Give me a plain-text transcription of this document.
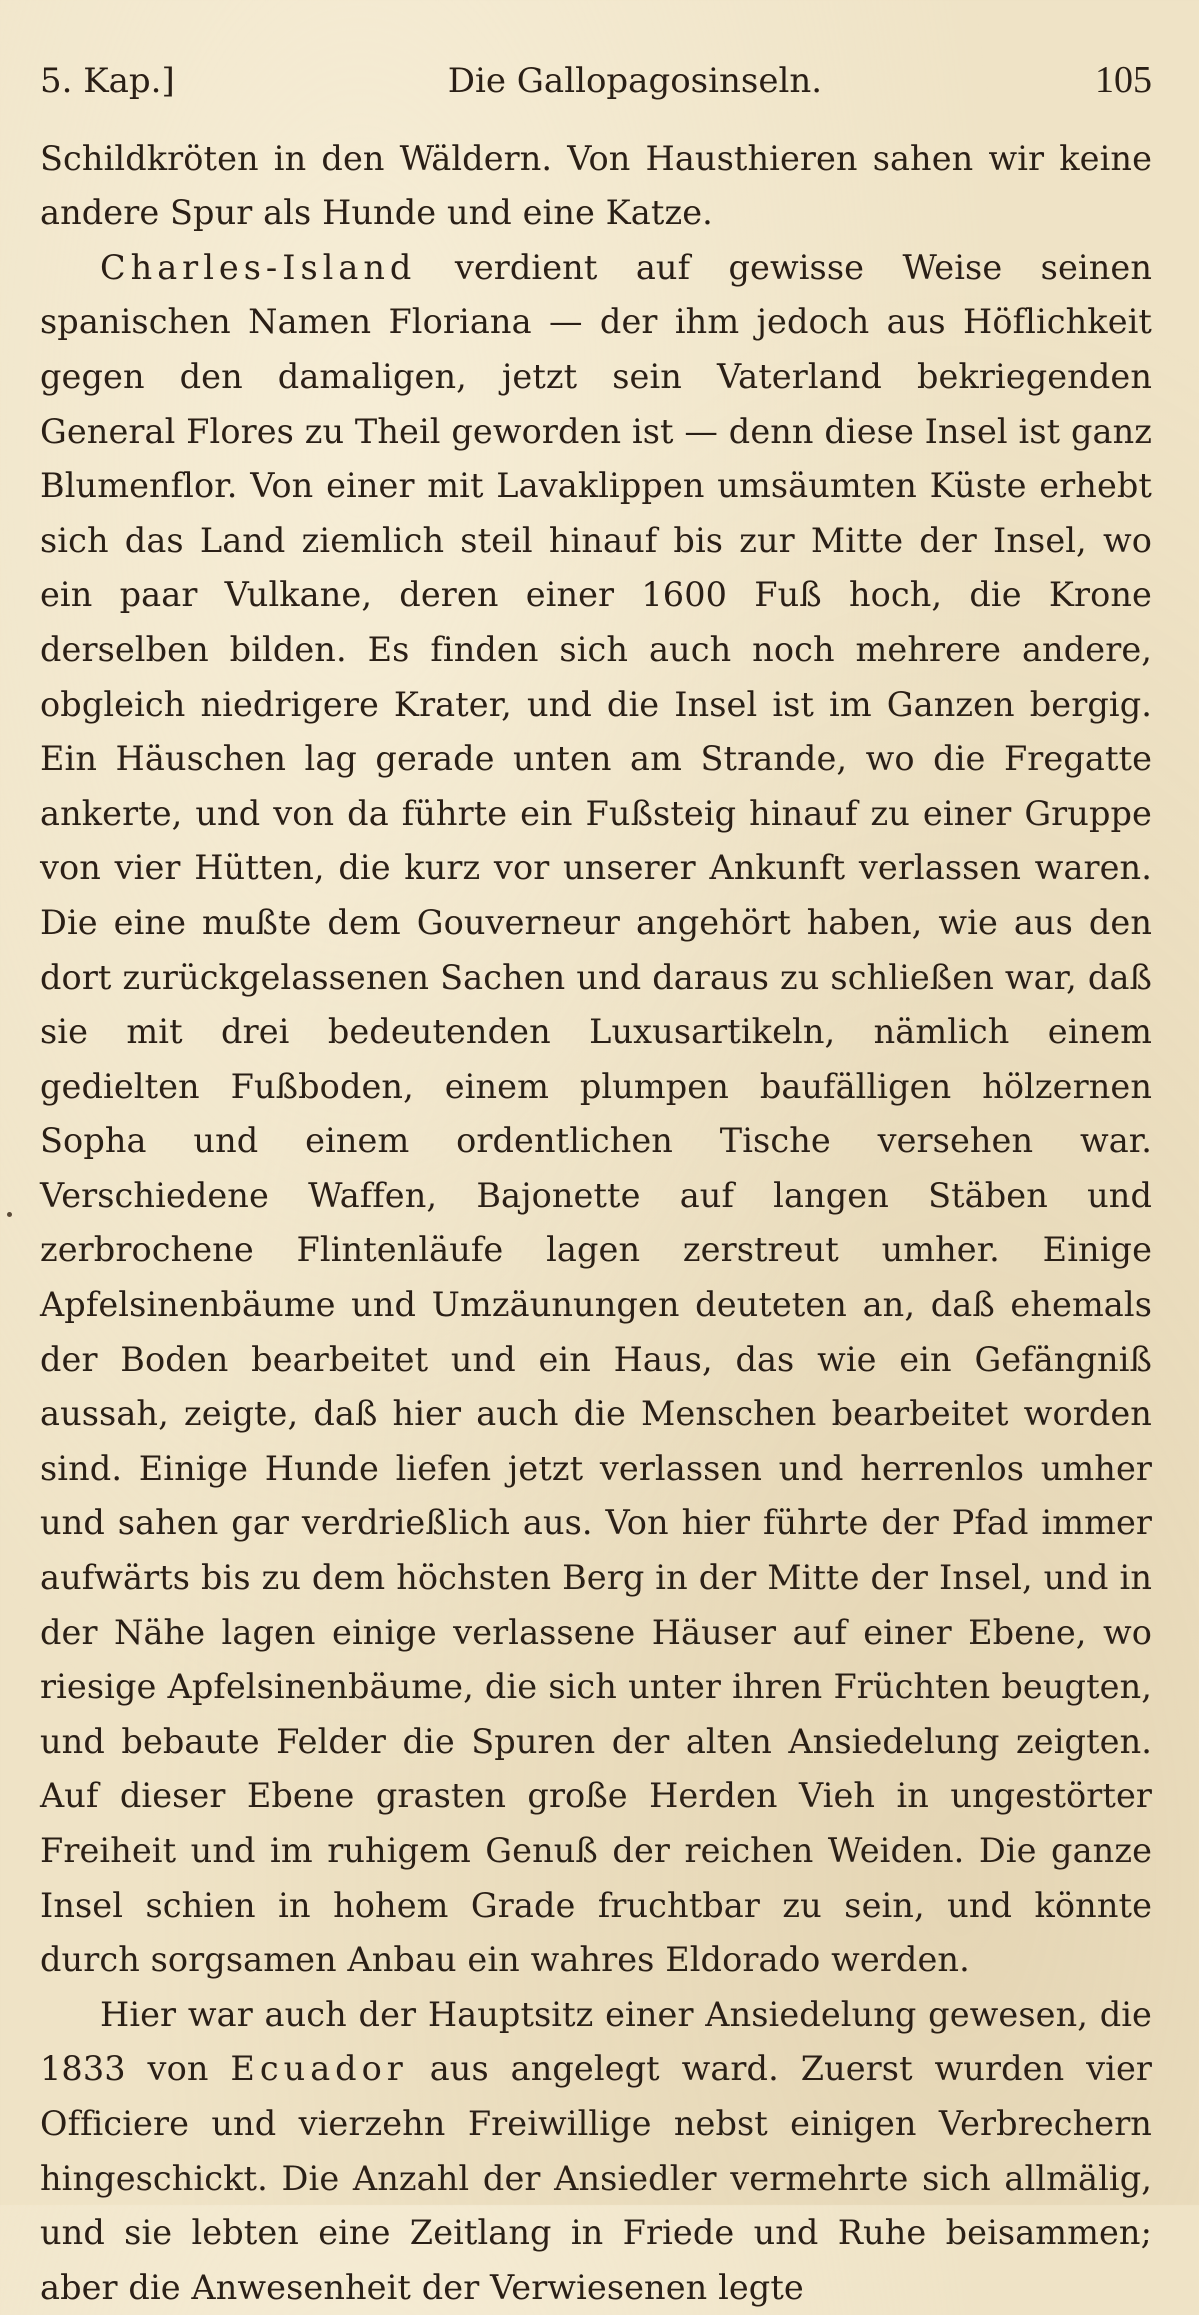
5. Kap.]	Die Gallopagosinseln.	105

Schildkröten in den Wäldern. Von Hausthieren sahen wir keine andere Spur als Hunde und eine Katze.

Charles-Island verdient auf gewisse Weise seinen spanischen Namen Floriana — der ihm jedoch aus Höflichkeit gegen den damaligen, jetzt sein Vaterland bekriegenden General Flores zu Theil geworden ist — denn diese Insel ist ganz Blumenflor. Von einer mit Lavaklippen umsäumten Küste erhebt sich das Land ziemlich steil hinauf bis zur Mitte der Insel, wo ein paar Vulkane, deren einer 1600 Fuß hoch, die Krone derselben bilden. Es finden sich auch noch mehrere andere, obgleich niedrigere Krater, und die Insel ist im Ganzen bergig. Ein Häuschen lag gerade unten am Strande, wo die Fregatte ankerte, und von da führte ein Fußsteig hinauf zu einer Gruppe von vier Hütten, die kurz vor unserer Ankunft verlassen waren. Die eine mußte dem Gouverneur angehört haben, wie aus den dort zurückgelassenen Sachen und daraus zu schließen war, daß sie mit drei bedeutenden Luxusartikeln, nämlich einem gedielten Fußboden, einem plumpen baufälligen hölzernen Sopha und einem ordentlichen Tische versehen war. Verschiedene Waffen, Bajonette auf langen Stäben und zerbrochene Flintenläufe lagen zerstreut umher. Einige Apfelsinenbäume und Umzäunungen deuteten an, daß ehemals der Boden bearbeitet und ein Haus, das wie ein Gefängniß aussah, zeigte, daß hier auch die Menschen bearbeitet worden sind. Einige Hunde liefen jetzt verlassen und herrenlos umher und sahen gar verdrießlich aus. Von hier führte der Pfad immer aufwärts bis zu dem höchsten Berg in der Mitte der Insel, und in der Nähe lagen einige verlassene Häuser auf einer Ebene, wo riesige Apfelsinenbäume, die sich unter ihren Früchten beugten, und bebaute Felder die Spuren der alten Ansiedelung zeigten. Auf dieser Ebene grasten große Herden Vieh in ungestörter Freiheit und im ruhigem Genuß der reichen Weiden. Die ganze Insel schien in hohem Grade fruchtbar zu sein, und könnte durch sorgsamen Anbau ein wahres Eldorado werden.

Hier war auch der Hauptsitz einer Ansiedelung gewesen, die 1833 von Ecuador aus angelegt ward. Zuerst wurden vier Officiere und vierzehn Freiwillige nebst einigen Verbrechern hingeschickt. Die Anzahl der Ansiedler vermehrte sich allmälig, und sie lebten eine Zeitlang in Friede und Ruhe beisammen; aber die Anwesenheit der Verwiesenen legte
